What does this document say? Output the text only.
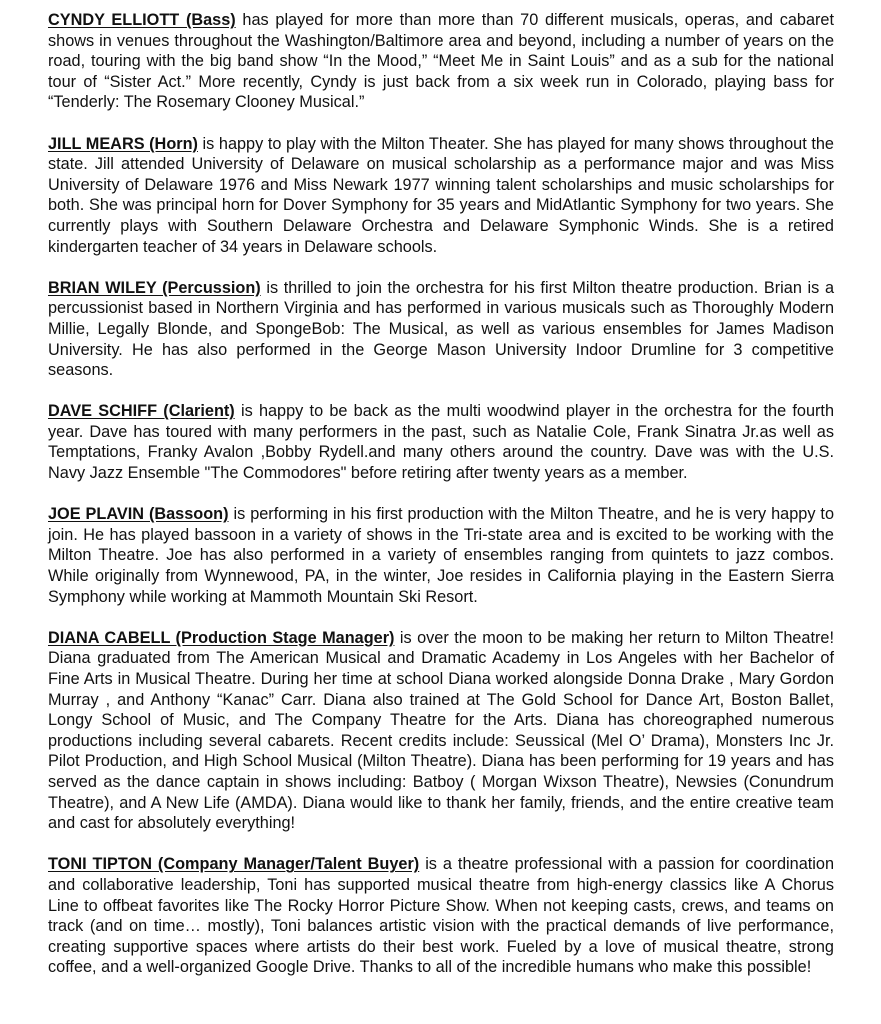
CYNDY ELLIOTT (Bass) has played for more than more than 70 different musicals, operas, and cabaret shows in venues throughout the Washington/Baltimore area and beyond, including a number of years on the road, touring with the big band show “In the Mood,” “Meet Me in Saint Louis” and as a sub for the national tour of “Sister Act.” More recently, Cyndy is just back from a six week run in Colorado, playing bass for “Tenderly: The Rosemary Clooney Musical.”

JILL MEARS (Horn) is happy to play with the Milton Theater. She has played for many shows throughout the state. Jill attended University of Delaware on musical scholarship as a performance major and was Miss University of Delaware 1976 and Miss Newark 1977 winning talent scholarships and music scholarships for both. She was principal horn for Dover Symphony for 35 years and MidAtlantic Symphony for two years. She currently plays with Southern Delaware Orchestra and Delaware Symphonic Winds. She is a retired kindergarten teacher of 34 years in Delaware schools.

BRIAN WILEY (Percussion) is thrilled to join the orchestra for his first Milton theatre production. Brian is a percussionist based in Northern Virginia and has performed in various musicals such as Thoroughly Modern Millie, Legally Blonde, and SpongeBob: The Musical, as well as various ensembles for James Madison University. He has also performed in the George Mason University Indoor Drumline for 3 competitive seasons.

DAVE SCHIFF (Clarient) is happy to be back as the multi woodwind player in the orchestra for the fourth year. Dave has toured with many performers in the past, such as Natalie Cole, Frank Sinatra Jr.as well as Temptations, Franky Avalon ,Bobby Rydell.and many others around the country. Dave was with the U.S. Navy Jazz Ensemble "The Commodores" before retiring after twenty years as a member.

JOE PLAVIN (Bassoon) is performing in his first production with the Milton Theatre, and he is very happy to join. He has played bassoon in a variety of shows in the Tri-state area and is excited to be working with the Milton Theatre. Joe has also performed in a variety of ensembles ranging from quintets to jazz combos. While originally from Wynnewood, PA, in the winter, Joe resides in California playing in the Eastern Sierra Symphony while working at Mammoth Mountain Ski Resort.

DIANA CABELL (Production Stage Manager) is over the moon to be making her return to Milton Theatre! Diana graduated from The American Musical and Dramatic Academy in Los Angeles with her Bachelor of Fine Arts in Musical Theatre. During her time at school Diana worked alongside Donna Drake , Mary Gordon Murray , and Anthony “Kanac” Carr. Diana also trained at The Gold School for Dance Art, Boston Ballet, Longy School of Music, and The Company Theatre for the Arts. Diana has choreographed numerous productions including several cabarets. Recent credits include: Seussical (Mel O’ Drama), Monsters Inc Jr. Pilot Production, and High School Musical (Milton Theatre). Diana has been performing for 19 years and has served as the dance captain in shows including: Batboy ( Morgan Wixson Theatre), Newsies (Conundrum Theatre), and A New Life (AMDA). Diana would like to thank her family, friends, and the entire creative team and cast for absolutely everything!

TONI TIPTON (Company Manager/Talent Buyer) is a theatre professional with a passion for coordination and collaborative leadership, Toni has supported musical theatre from high-energy classics like A Chorus Line to offbeat favorites like The Rocky Horror Picture Show. When not keeping casts, crews, and teams on track (and on time… mostly), Toni balances artistic vision with the practical demands of live performance, creating supportive spaces where artists do their best work. Fueled by a love of musical theatre, strong coffee, and a well-organized Google Drive. Thanks to all of the incredible humans who make this possible!
